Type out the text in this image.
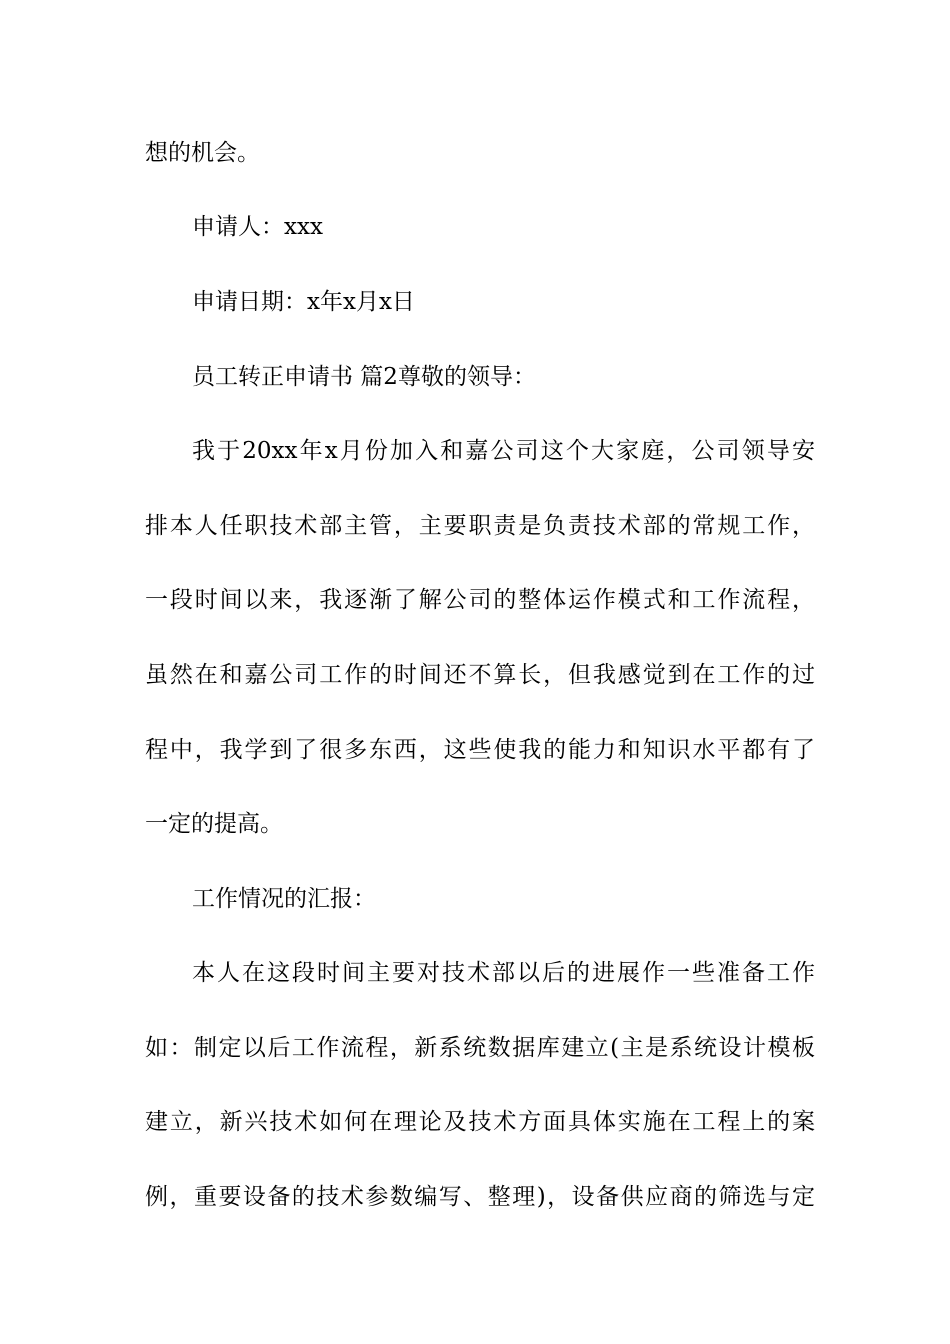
想的机会。
申请人：xxx
申请日期：x年x月x日
员工转正申请书 篇2尊敬的领导：
我于20xx年x月份加入和嘉公司这个大家庭，公司领导安
排本人任职技术部主管，主要职责是负责技术部的常规工作，
一段时间以来，我逐渐了解公司的整体运作模式和工作流程，
虽然在和嘉公司工作的时间还不算长，但我感觉到在工作的过
程中，我学到了很多东西，这些使我的能力和知识水平都有了
一定的提高。
工作情况的汇报：
本人在这段时间主要对技术部以后的进展作一些准备工作
如：制定以后工作流程，新系统数据库建立(主是系统设计模板
建立，新兴技术如何在理论及技术方面具体实施在工程上的案
例，重要设备的技术参数编写、整理)，设备供应商的筛选与定
